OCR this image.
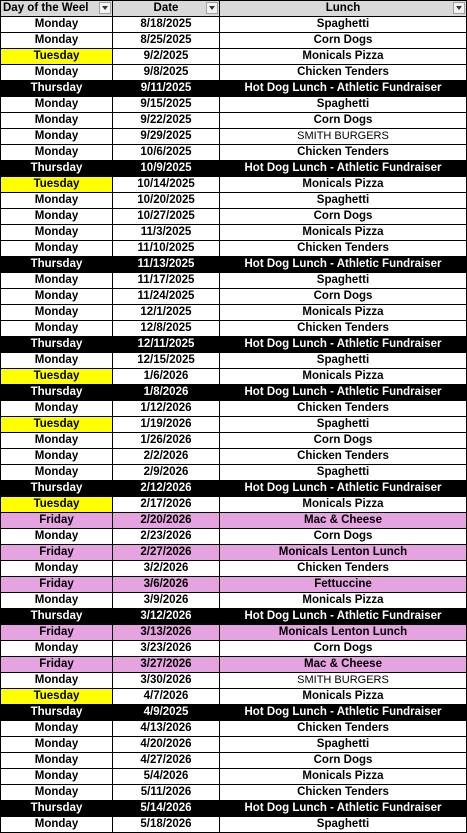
Day of the Weel	Date	Lunch

Monday	8/18/2025	Spaghetti
Monday	8/25/2025	Corn Dogs
Tuesday	9/2/2025	Monicals Pizza
Monday	9/8/2025	Chicken Tenders
Thursday	9/11/2025	Hot Dog Lunch - Athletic Fundraiser
Monday	9/15/2025	Spaghetti
Monday	9/22/2025	Corn Dogs
Monday	9/29/2025	SMITH BURGERS
Monday	10/6/2025	Chicken Tenders
Thursday	10/9/2025	Hot Dog Lunch - Athletic Fundraiser
Tuesday	10/14/2025	Monicals Pizza
Monday	10/20/2025	Spaghetti
Monday	10/27/2025	Corn Dogs
Monday	11/3/2025	Monicals Pizza
Monday	11/10/2025	Chicken Tenders
Thursday	11/13/2025	Hot Dog Lunch - Athletic Fundraiser
Monday	11/17/2025	Spaghetti
Monday	11/24/2025	Corn Dogs
Monday	12/1/2025	Monicals Pizza
Monday	12/8/2025	Chicken Tenders
Thursday	12/11/2025	Hot Dog Lunch - Athletic Fundraiser
Monday	12/15/2025	Spaghetti
Tuesday	1/6/2026	Monicals Pizza
Thursday	1/8/2026	Hot Dog Lunch - Athletic Fundraiser
Monday	1/12/2026	Chicken Tenders
Tuesday	1/19/2026	Spaghetti
Monday	1/26/2026	Corn Dogs
Monday	2/2/2026	Chicken Tenders
Monday	2/9/2026	Spaghetti
Thursday	2/12/2026	Hot Dog Lunch - Athletic Fundraiser
Tuesday	2/17/2026	Monicals Pizza
Friday	2/20/2026	Mac & Cheese
Monday	2/23/2026	Corn Dogs
Friday	2/27/2026	Monicals Lenton Lunch
Monday	3/2/2026	Chicken Tenders
Friday	3/6/2026	Fettuccine
Monday	3/9/2026	Monicals Pizza
Thursday	3/12/2026	Hot Dog Lunch - Athletic Fundraiser
Friday	3/13/2026	Monicals Lenton Lunch
Monday	3/23/2026	Corn Dogs
Friday	3/27/2026	Mac & Cheese
Monday	3/30/2026	SMITH BURGERS
Tuesday	4/7/2026	Monicals Pizza
Thursday	4/9/2025	Hot Dog Lunch - Athletic Fundraiser
Monday	4/13/2026	Chicken Tenders
Monday	4/20/2026	Spaghetti
Monday	4/27/2026	Corn Dogs
Monday	5/4/2026	Monicals Pizza
Monday	5/11/2026	Chicken Tenders
Thursday	5/14/2026	Hot Dog Lunch - Athletic Fundraiser
Monday	5/18/2026	Spaghetti
